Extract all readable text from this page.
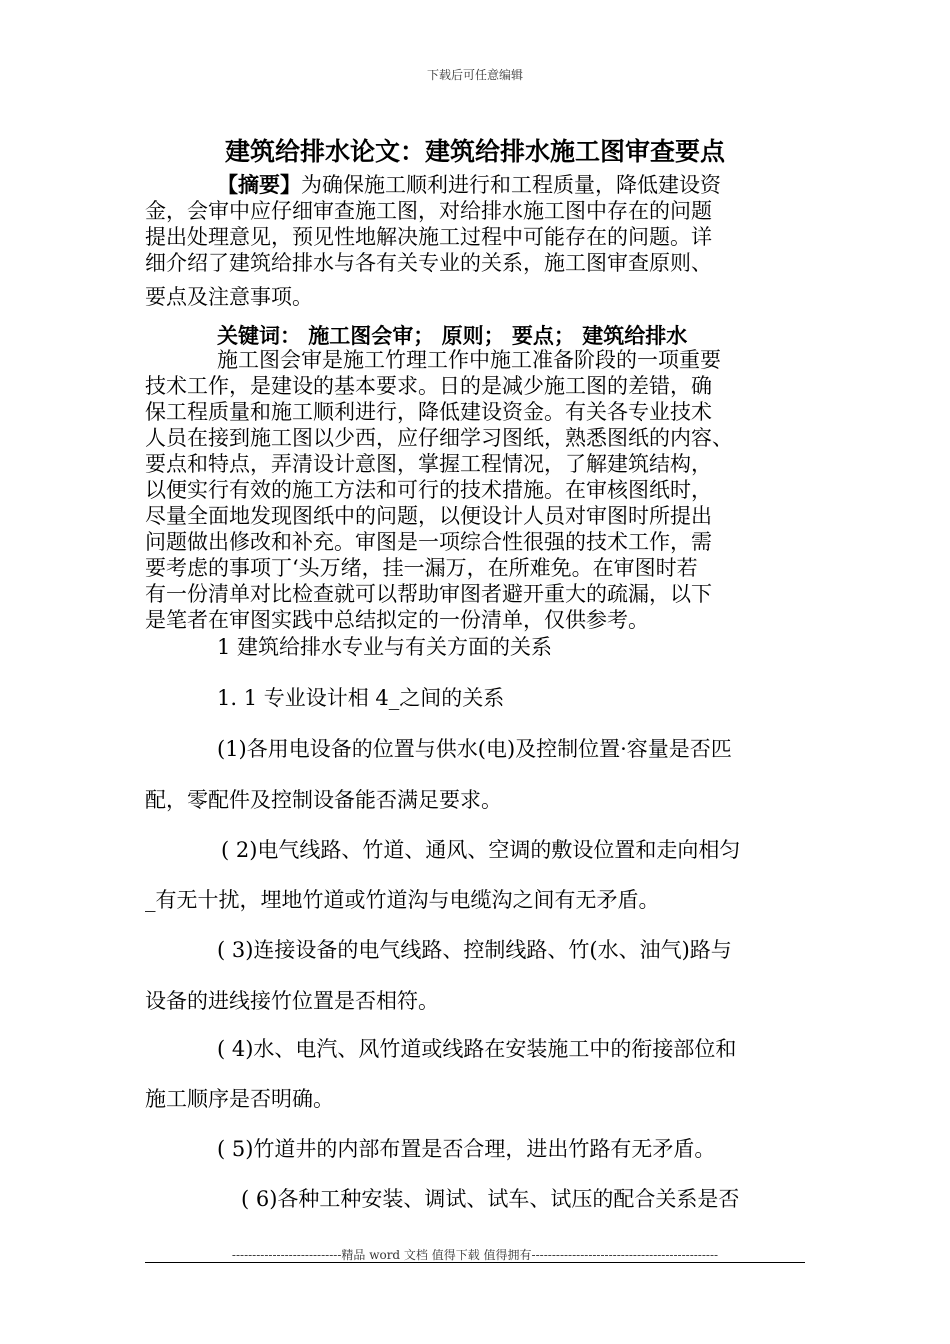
下载后可任意编辑
建筑给排水论文：建筑给排水施工图审查要点
【摘要】为确保施工顺利进行和工程质量，降低建设资
金，会审中应仔细审查施工图，对给排水施工图中存在的问题
提出处理意见，预见性地解决施工过程中可能存在的问题。详
细介绍了建筑给排水与各有关专业的关系，施工图审查原则、
要点及注意事项。
关键词： 施工图会审； 原则； 要点； 建筑给排水
施工图会审是施工竹理工作中施工准备阶段的一项重要
技术工作，是建设的基本要求。日的是减少施工图的差错，确
保工程质量和施工顺利进行，降低建设资金。有关各专业技术
人员在接到施工图以少西，应仔细学习图纸，熟悉图纸的内容、
要点和特点，弄清设计意图，掌握工程情况，了解建筑结构，
以便实行有效的施工方法和可行的技术措施。在审核图纸时，
尽量全面地发现图纸中的问题，以便设计人员对审图时所提出
问题做出修改和补充。审图是一项综合性很强的技术工作，需
要考虑的事项丁‘头万绪，挂一漏万，在所难免。在审图时若
有一份清单对比检查就可以帮助审图者避开重大的疏漏，以下
是笔者在审图实践中总结拟定的一份清单，仅供参考。
1 建筑给排水专业与有关方面的关系
1. 1 专业设计相 4_之间的关系
(1)各用电设备的位置与供水(电)及控制位置·容量是否匹
配，零配件及控制设备能否满足要求。
( 2)电气线路、竹道、通风、空调的敷设位置和走向相匀
_有无十扰，埋地竹道或竹道沟与电缆沟之间有无矛盾。
( 3)连接设备的电气线路、控制线路、竹(水、油气)路与
设备的进线接竹位置是否相符。
( 4)水、电汽、风竹道或线路在安装施工中的衔接部位和
施工顺序是否明确。
( 5)竹道井的内部布置是否合理，进出竹路有无矛盾。
( 6)各种工种安装、调试、试车、试压的配合关系是否
---------------------------精品 word 文档 值得下载 值得拥有----------------------------------------------
